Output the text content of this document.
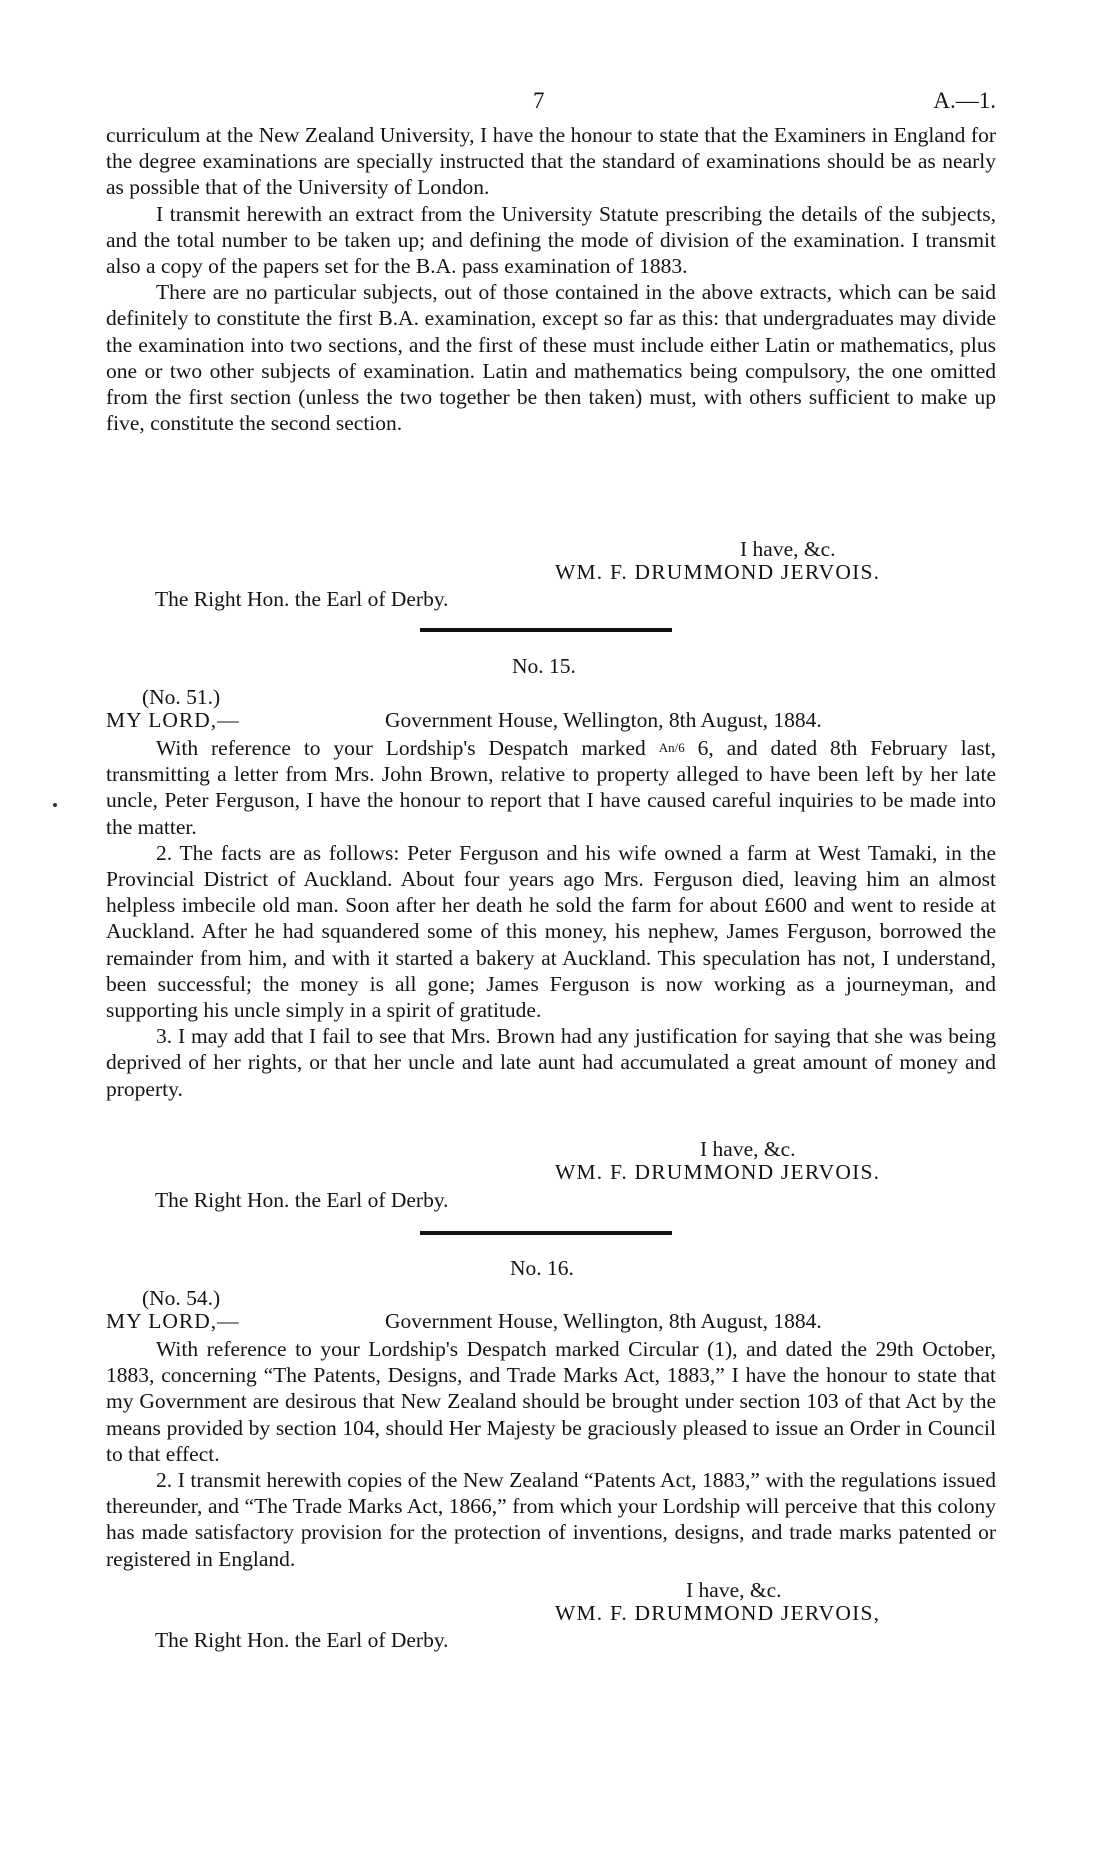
7	A.—1.

curriculum at the New Zealand University, I have the honour to state that the Examiners in England for the degree examinations are specially instructed that the standard of examinations should be as nearly as possible that of the University of London.

I transmit herewith an extract from the University Statute prescribing the details of the subjects, and the total number to be taken up; and defining the mode of division of the examination. I transmit also a copy of the papers set for the B.A. pass examination of 1883.

There are no particular subjects, out of those contained in the above extracts, which can be said definitely to constitute the first B.A. examination, except so far as this: that undergraduates may divide the examination into two sections, and the first of these must include either Latin or mathematics, plus one or two other subjects of examination. Latin and mathematics being compulsory, the one omitted from the first section (unless the two together be then taken) must, with others sufficient to make up five, constitute the second section.

I have, &c.
WM. F. DRUMMOND JERVOIS.
The Right Hon. the Earl of Derby.
No. 15.
(No. 51.)
MY LORD,—	Government House, Wellington, 8th August, 1884.

With reference to your Lordship's Despatch marked An/6 6, and dated 8th February last, transmitting a letter from Mrs. John Brown, relative to property alleged to have been left by her late uncle, Peter Ferguson, I have the honour to report that I have caused careful inquiries to be made into the matter.

2. The facts are as follows: Peter Ferguson and his wife owned a farm at West Tamaki, in the Provincial District of Auckland. About four years ago Mrs. Ferguson died, leaving him an almost helpless imbecile old man. Soon after her death he sold the farm for about £600 and went to reside at Auckland. After he had squandered some of this money, his nephew, James Ferguson, borrowed the remainder from him, and with it started a bakery at Auckland. This speculation has not, I understand, been successful; the money is all gone; James Ferguson is now working as a journeyman, and supporting his uncle simply in a spirit of gratitude.

3. I may add that I fail to see that Mrs. Brown had any justification for saying that she was being deprived of her rights, or that her uncle and late aunt had accumulated a great amount of money and property.

I have, &c.
WM. F. DRUMMOND JERVOIS.
The Right Hon. the Earl of Derby.
No. 16.
(No. 54.)
MY LORD,—	Government House, Wellington, 8th August, 1884.

With reference to your Lordship's Despatch marked Circular (1), and dated the 29th October, 1883, concerning “The Patents, Designs, and Trade Marks Act, 1883,” I have the honour to state that my Government are desirous that New Zealand should be brought under section 103 of that Act by the means provided by section 104, should Her Majesty be graciously pleased to issue an Order in Council to that effect.

2. I transmit herewith copies of the New Zealand “Patents Act, 1883,” with the regulations issued thereunder, and “The Trade Marks Act, 1866,” from which your Lordship will perceive that this colony has made satisfactory provision for the protection of inventions, designs, and trade marks patented or registered in England.

I have, &c.
WM. F. DRUMMOND JERVOIS,
The Right Hon. the Earl of Derby.
